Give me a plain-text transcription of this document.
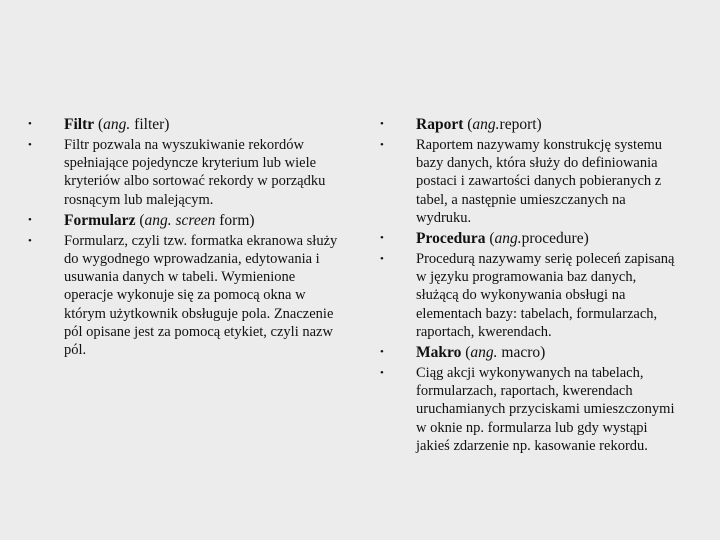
• Filtr (ang. filter)
• Filtr pozwala na wyszukiwanie rekordów spełniające pojedyncze kryterium lub wiele kryteriów albo sortować rekordy w porządku rosnącym lub malejącym.
• Formularz (ang. screen form)
• Formularz, czyli tzw. formatka ekranowa służy do wygodnego wprowadzania, edytowania i usuwania danych w tabeli. Wymienione operacje wykonuje się za pomocą okna w którym użytkownik obsługuje pola. Znaczenie pól opisane jest za pomocą etykiet, czyli nazw pól.
• Raport (ang.report)
• Raportem nazywamy konstrukcję systemu bazy danych, która służy do definiowania postaci i zawartości danych pobieranych z tabel, a następnie umieszczanych na wydruku.
• Procedura (ang.procedure)
• Procedurą nazywamy serię poleceń zapisaną w języku programowania baz danych, służącą do wykonywania obsługi na elementach bazy: tabelach, formularzach, raportach, kwerendach.
• Makro (ang. macro)
• Ciąg akcji wykonywanych na tabelach, formularzach, raportach, kwerendach uruchamianych przyciskami umieszczonymi w oknie np. formularza lub gdy wystąpi jakieś zdarzenie np. kasowanie rekordu.
